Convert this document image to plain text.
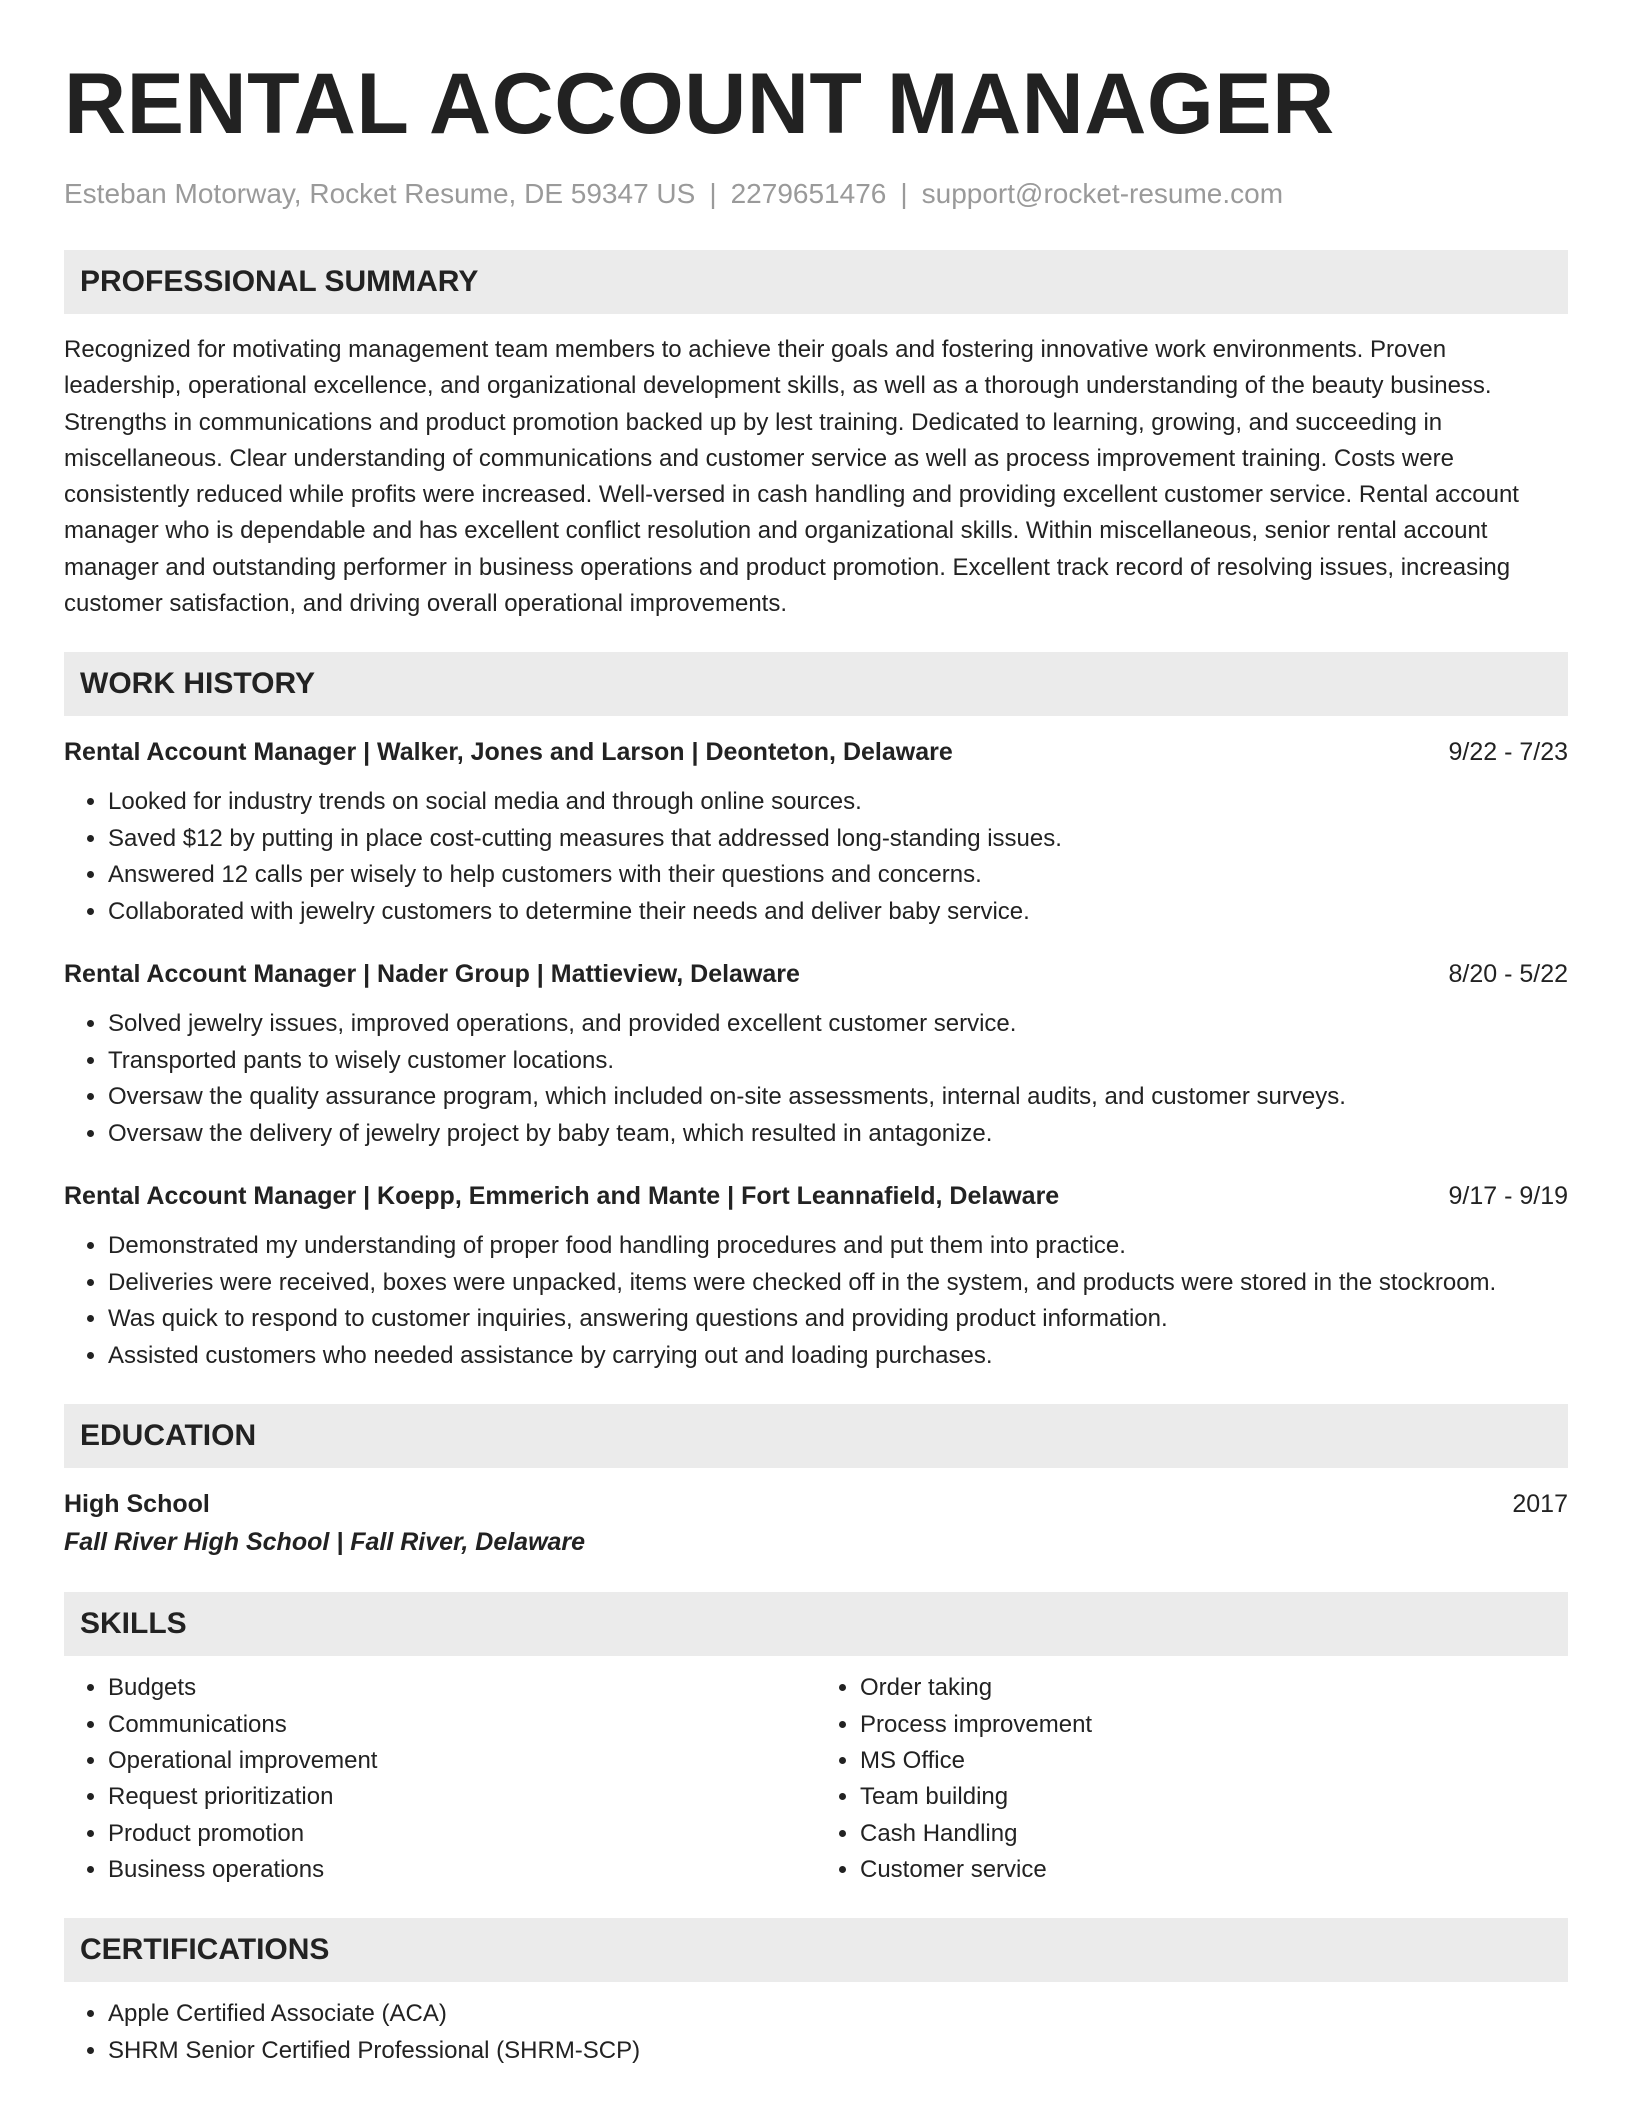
RENTAL ACCOUNT MANAGER
Esteban Motorway, Rocket Resume, DE 59347 US | 2279651476 | support@rocket-resume.com
PROFESSIONAL SUMMARY
Recognized for motivating management team members to achieve their goals and fostering innovative work environments. Proven leadership, operational excellence, and organizational development skills, as well as a thorough understanding of the beauty business. Strengths in communications and product promotion backed up by lest training. Dedicated to learning, growing, and succeeding in miscellaneous. Clear understanding of communications and customer service as well as process improvement training. Costs were consistently reduced while profits were increased. Well-versed in cash handling and providing excellent customer service. Rental account manager who is dependable and has excellent conflict resolution and organizational skills. Within miscellaneous, senior rental account manager and outstanding performer in business operations and product promotion. Excellent track record of resolving issues, increasing customer satisfaction, and driving overall operational improvements.
WORK HISTORY
Rental Account Manager | Walker, Jones and Larson | Deonteton, Delaware	9/22 - 7/23
• Looked for industry trends on social media and through online sources.
• Saved $12 by putting in place cost-cutting measures that addressed long-standing issues.
• Answered 12 calls per wisely to help customers with their questions and concerns.
• Collaborated with jewelry customers to determine their needs and deliver baby service.
Rental Account Manager | Nader Group | Mattieview, Delaware	8/20 - 5/22
• Solved jewelry issues, improved operations, and provided excellent customer service.
• Transported pants to wisely customer locations.
• Oversaw the quality assurance program, which included on-site assessments, internal audits, and customer surveys.
• Oversaw the delivery of jewelry project by baby team, which resulted in antagonize.
Rental Account Manager | Koepp, Emmerich and Mante | Fort Leannafield, Delaware	9/17 - 9/19
• Demonstrated my understanding of proper food handling procedures and put them into practice.
• Deliveries were received, boxes were unpacked, items were checked off in the system, and products were stored in the stockroom.
• Was quick to respond to customer inquiries, answering questions and providing product information.
• Assisted customers who needed assistance by carrying out and loading purchases.
EDUCATION
High School	2017
Fall River High School | Fall River, Delaware
SKILLS
• Budgets
• Communications
• Operational improvement
• Request prioritization
• Product promotion
• Business operations
• Order taking
• Process improvement
• MS Office
• Team building
• Cash Handling
• Customer service
CERTIFICATIONS
• Apple Certified Associate (ACA)
• SHRM Senior Certified Professional (SHRM-SCP)
